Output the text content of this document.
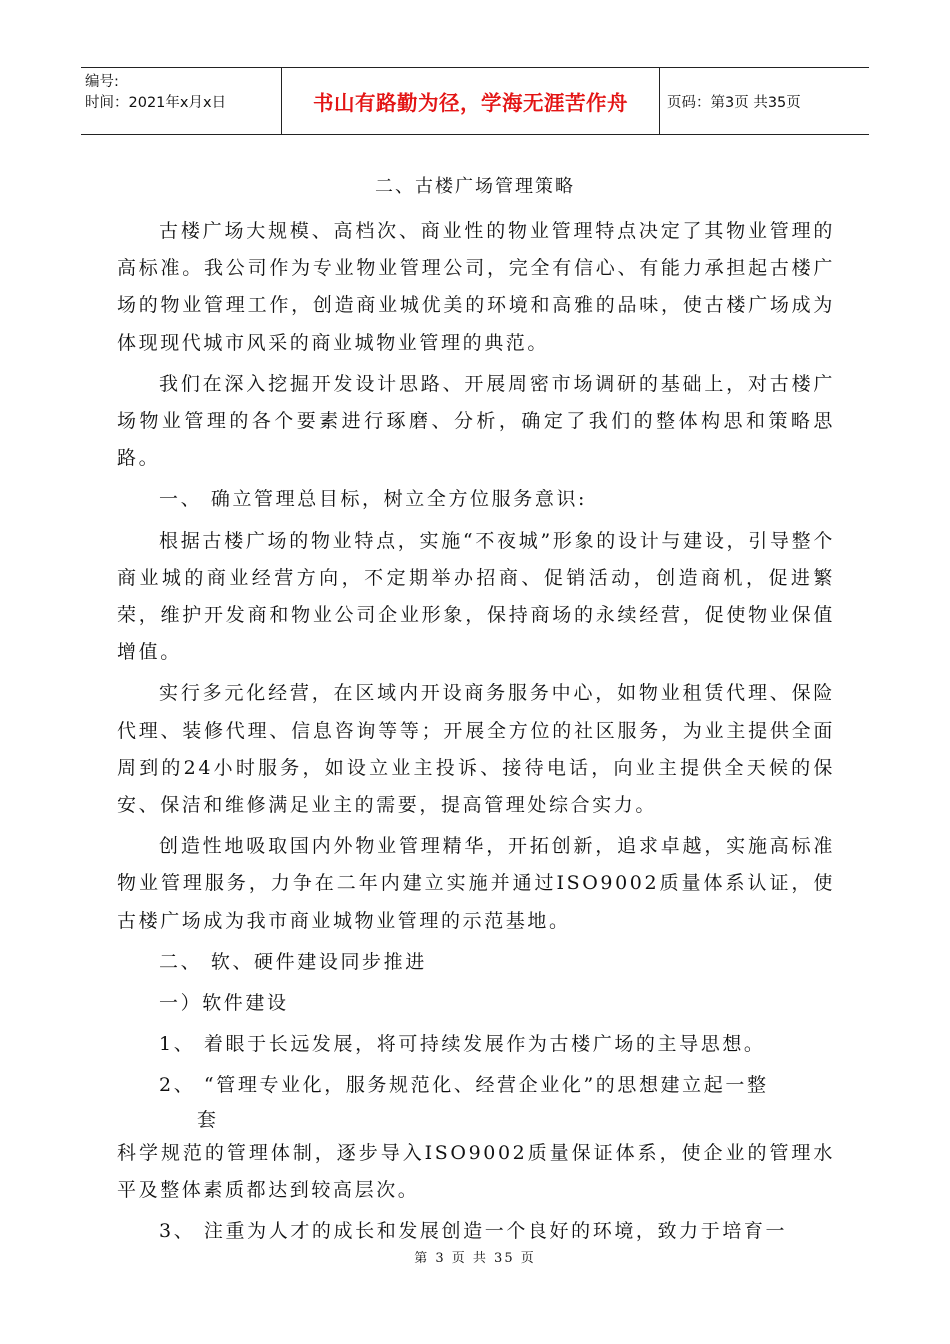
编号:
时间：2021年x月x日	书山有路勤为径，学海无涯苦作舟	页码：第3页 共35页
二、古楼广场管理策略

古楼广场大规模、高档次、商业性的物业管理特点决定了其物业管理的高标准。我公司作为专业物业管理公司，完全有信心、有能力承担起古楼广场的物业管理工作，创造商业城优美的环境和高雅的品味，使古楼广场成为体现现代城市风采的商业城物业管理的典范。

我们在深入挖掘开发设计思路、开展周密市场调研的基础上，对古楼广场物业管理的各个要素进行琢磨、分析，确定了我们的整体构思和策略思路。

一、 确立管理总目标，树立全方位服务意识:

根据古楼广场的物业特点，实施“不夜城”形象的设计与建设，引导整个商业城的商业经营方向，不定期举办招商、促销活动，创造商机，促进繁荣，维护开发商和物业公司企业形象，保持商场的永续经营，促使物业保值增值。

实行多元化经营，在区域内开设商务服务中心，如物业租赁代理、保险代理、装修代理、信息咨询等等；开展全方位的社区服务，为业主提供全面周到的24小时服务，如设立业主投诉、接待电话，向业主提供全天候的保安、保洁和维修满足业主的需要，提高管理处综合实力。

创造性地吸取国内外物业管理精华，开拓创新，追求卓越，实施高标准物业管理服务，力争在二年内建立实施并通过ISO9002质量体系认证，使古楼广场成为我市商业城物业管理的示范基地。

二、 软、硬件建设同步推进

一）软件建设

1、 着眼于长远发展，将可持续发展作为古楼广场的主导思想。

2、 “管理专业化，服务规范化、经营企业化”的思想建立起一整

套

科学规范的管理体制，逐步导入ISO9002质量保证体系，使企业的管理水平及整体素质都达到较高层次。

3、 注重为人才的成长和发展创造一个良好的环境，致力于培育一

第 3 页 共 35 页
